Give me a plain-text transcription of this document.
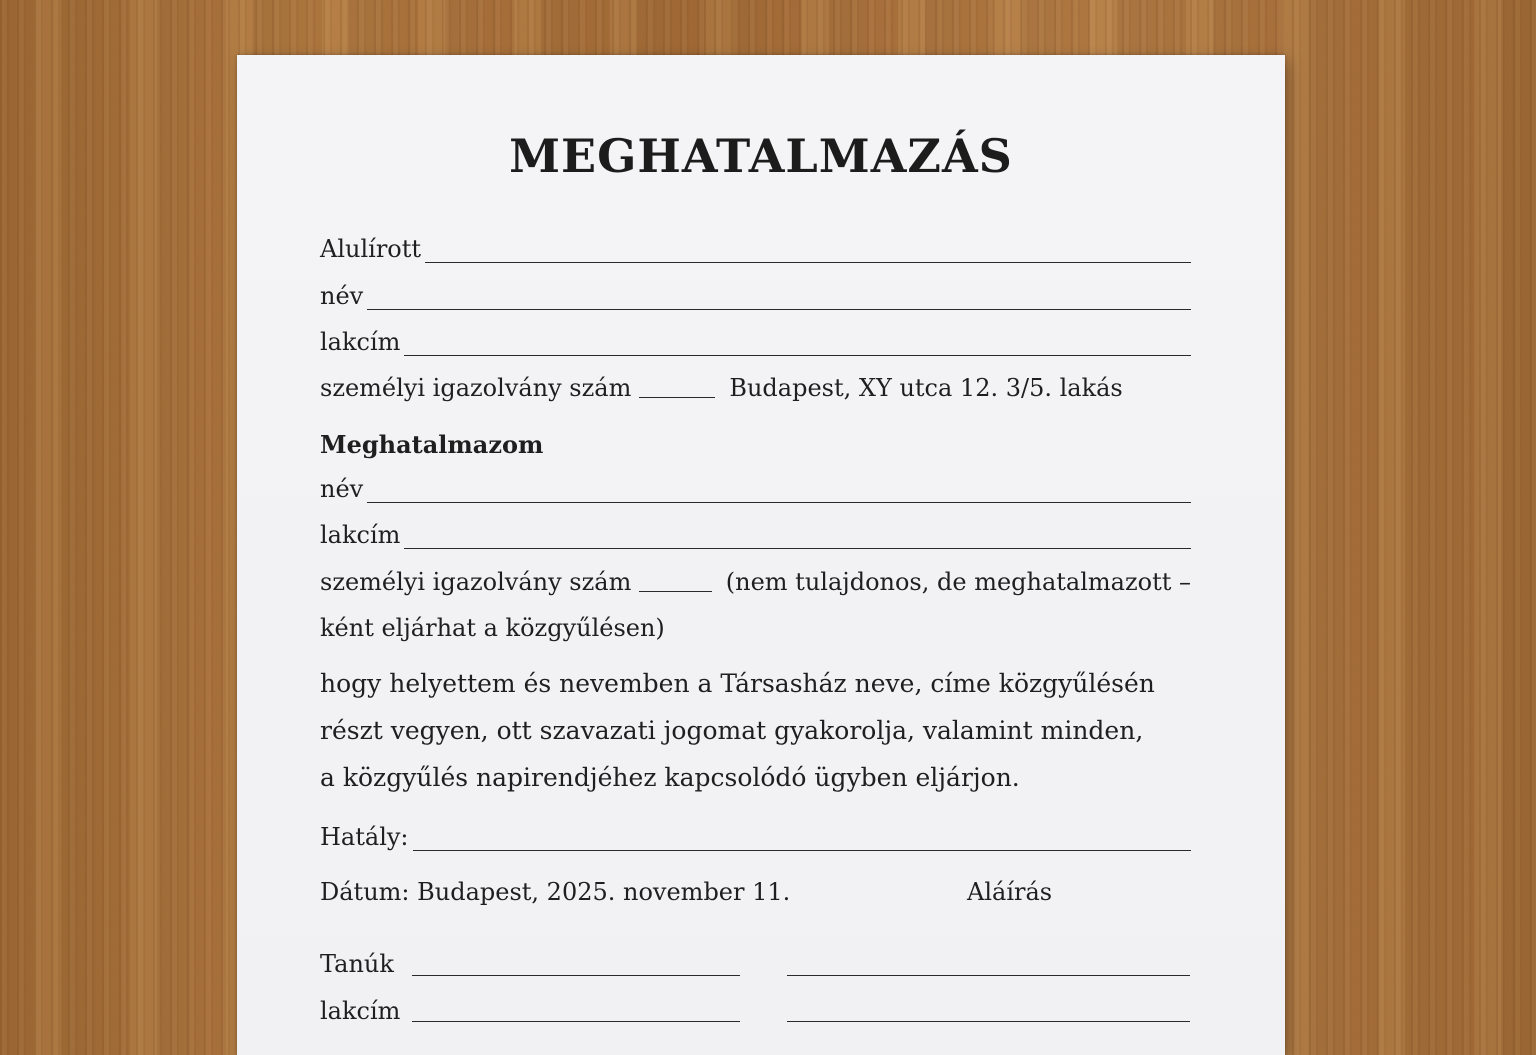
MEGHATALMAZÁS
Alulírott
név
lakcím
személyi igazolvány szám	Budapest, XY utca 12. 3/5. lakás
Meghatalmazom
név
lakcím
személyi igazolvány szám	(nem tulajdonos, de meghatalmazott –
ként eljárhat a közgyűlésen)
hogy helyettem és nevemben a Társasház neve, címe közgyűlésén
részt vegyen, ott szavazati jogomat gyakorolja, valamint minden,
a közgyűlés napirendjéhez kapcsolódó ügyben eljárjon.
Hatály:
Dátum: Budapest, 2025. november 11.	Aláírás
Tanúk
lakcím
